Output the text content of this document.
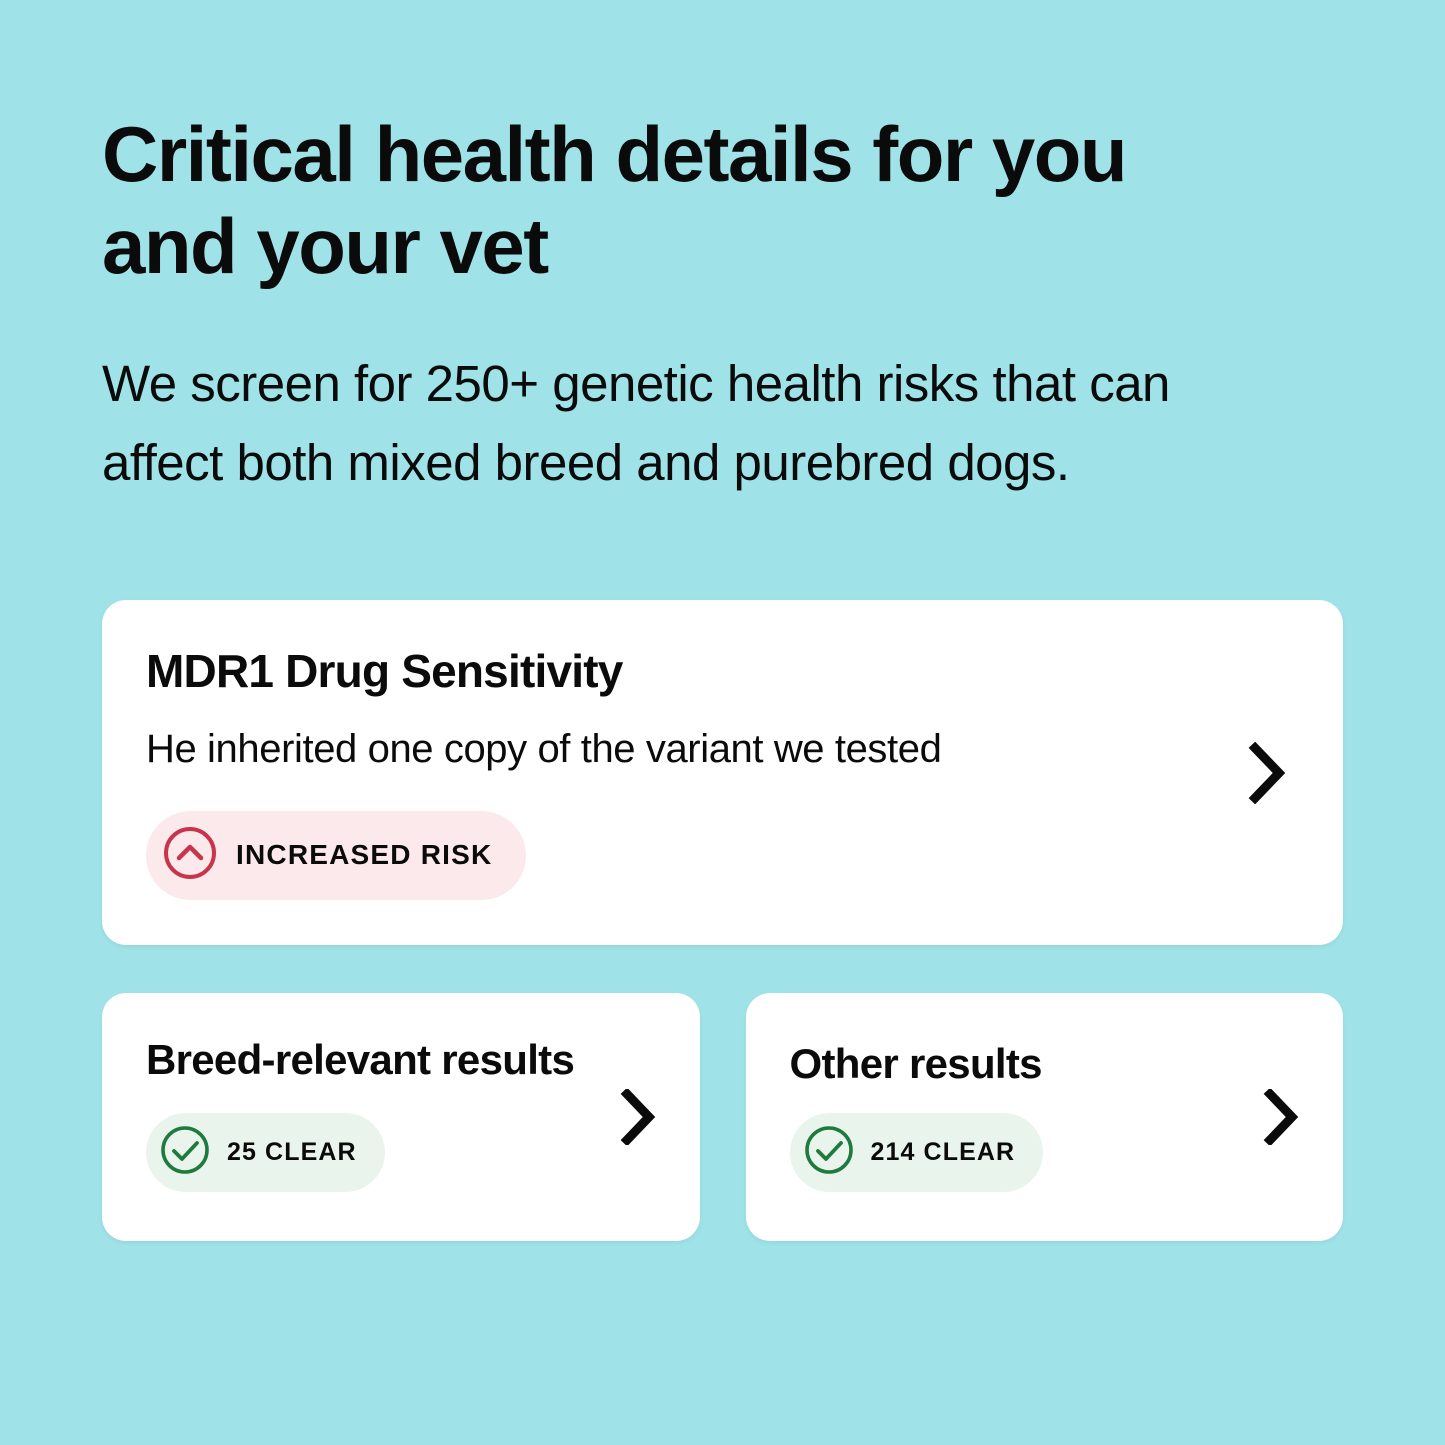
Critical health details for you and your vet

We screen for 250+ genetic health risks that can affect both mixed breed and purebred dogs.

MDR1 Drug Sensitivity
He inherited one copy of the variant we tested
INCREASED RISK
Breed-relevant results
25 CLEAR
Other results
214 CLEAR
